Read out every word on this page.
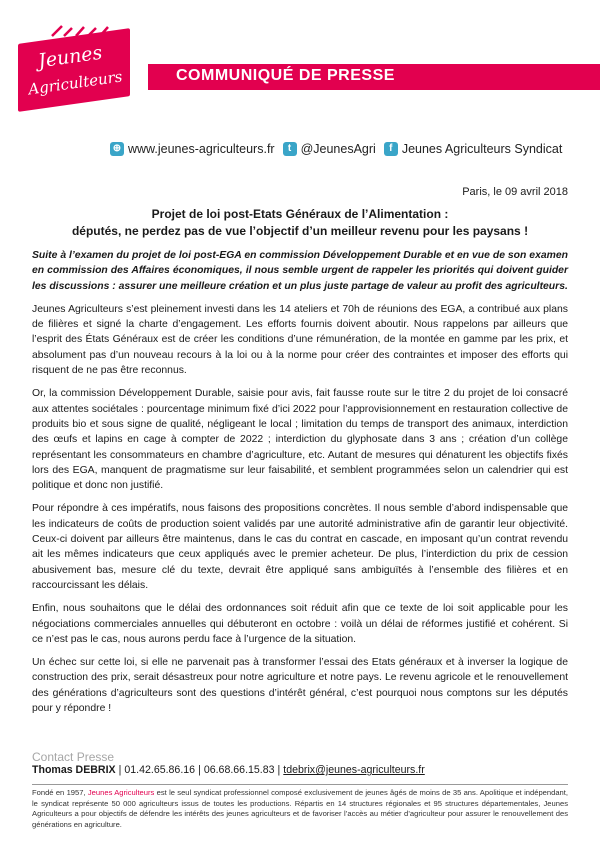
Jeunes
Agriculteurs	COMMUNIQUÉ DE PRESSE
⊕ www.jeunes-agriculteurs.fr	t @JeunesAgri	f Jeunes Agriculteurs Syndicat
Paris, le 09 avril 2018
Projet de loi post-Etats Généraux de l’Alimentation :
députés, ne perdez pas de vue l’objectif d’un meilleur revenu pour les paysans !

Suite à l’examen du projet de loi post-EGA en commission Développement Durable et en vue de son examen en commission des Affaires économiques, il nous semble urgent de rappeler les priorités qui doivent guider les discussions : assurer une meilleure création et un plus juste partage de valeur au profit des agriculteurs.

Jeunes Agriculteurs s’est pleinement investi dans les 14 ateliers et 70h de réunions des EGA, a contribué aux plans de filières et signé la charte d’engagement. Les efforts fournis doivent aboutir. Nous rappelons par ailleurs que l’esprit des États Généraux est de créer les conditions d’une rémunération, de la montée en gamme par les prix, et absolument pas d’un nouveau recours à la loi ou à la norme pour créer des contraintes et imposer des efforts qui risquent de ne pas être reconnus.

Or, la commission Développement Durable, saisie pour avis, fait fausse route sur le titre 2 du projet de loi consacré aux attentes sociétales : pourcentage minimum fixé d’ici 2022 pour l’approvisionnement en restauration collective de produits bio et sous signe de qualité, négligeant le local ; limitation du temps de transport des animaux, interdiction des œufs et lapins en cage à compter de 2022 ; interdiction du glyphosate dans 3 ans ; création d’un collège représentant les consommateurs en chambre d’agriculture, etc. Autant de mesures qui dénaturent les objectifs fixés lors des EGA, manquent de pragmatisme sur leur faisabilité, et semblent programmées selon un calendrier qui est politique et donc non justifié.

Pour répondre à ces impératifs, nous faisons des propositions concrètes. Il nous semble d’abord indispensable que les indicateurs de coûts de production soient validés par une autorité administrative afin de garantir leur objectivité. Ceux-ci doivent par ailleurs être maintenus, dans le cas du contrat en cascade, en imposant qu’un contrat revendu ait les mêmes indicateurs que ceux appliqués avec le premier acheteur. De plus, l’interdiction du prix de cession abusivement bas, mesure clé du texte, devrait être appliqué sans ambiguïtés à l’ensemble des filières et en raccourcissant les délais.

Enfin, nous souhaitons que le délai des ordonnances soit réduit afin que ce texte de loi soit applicable pour les négociations commerciales annuelles qui débuteront en octobre : voilà un délai de réformes justifié et cohérent. Si ce n’est pas le cas, nous aurons perdu face à l’urgence de la situation.

Un échec sur cette loi, si elle ne parvenait pas à transformer l’essai des Etats généraux et à inverser la logique de construction des prix, serait désastreux pour notre agriculture et notre pays. Le revenu agricole et le renouvellement des générations d’agriculteurs sont des questions d’intérêt général, c’est pourquoi nous comptons sur les députés pour y répondre !

Contact Presse
Thomas DEBRIX | 01.42.65.86.16 | 06.68.66.15.83 | tdebrix@jeunes-agriculteurs.fr
Fondé en 1957, Jeunes Agriculteurs est le seul syndicat professionnel composé exclusivement de jeunes âgés de moins de 35 ans. Apolitique et indépendant, le syndicat représente 50 000 agriculteurs issus de toutes les productions. Répartis en 14 structures régionales et 95 structures départementales, Jeunes Agriculteurs a pour objectifs de défendre les intérêts des jeunes agriculteurs et de favoriser l’accès au métier d’agriculteur pour assurer le renouvellement des générations en agriculture.
